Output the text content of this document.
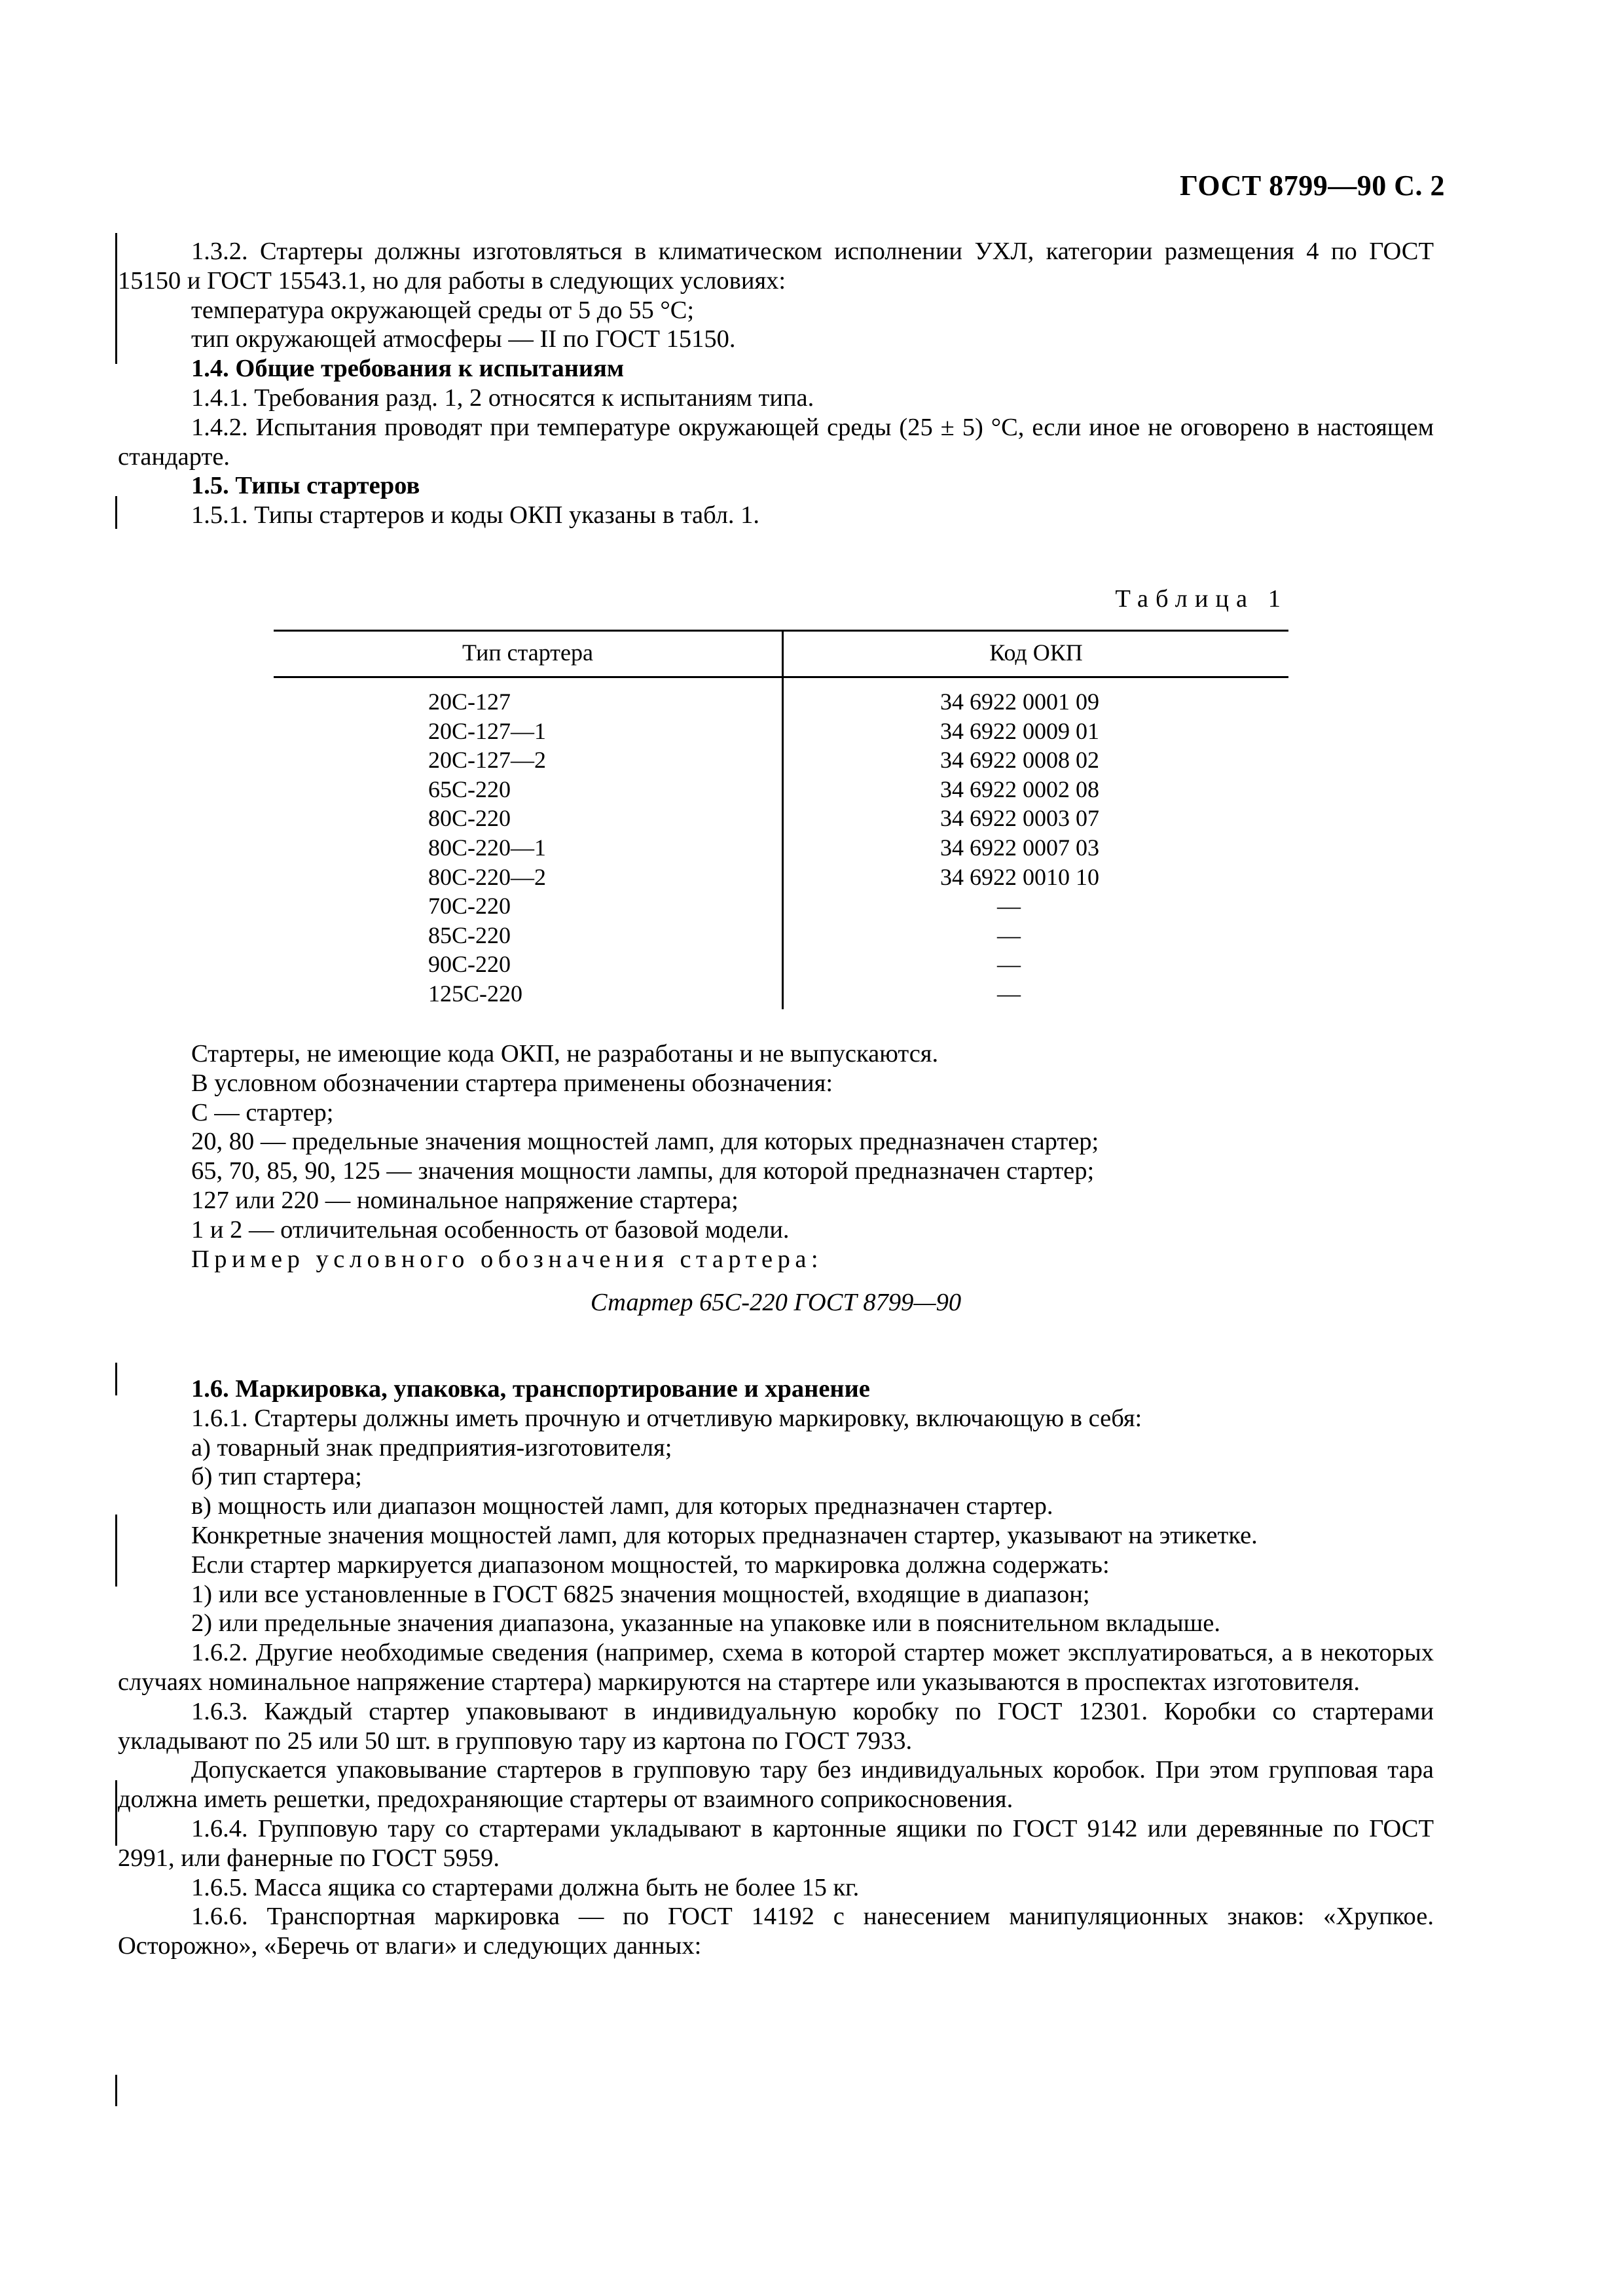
ГОСТ 8799—90 С. 2

1.3.2. Стартеры должны изготовляться в климатическом исполнении УХЛ, категории размещения 4 по ГОСТ 15150 и ГОСТ 15543.1, но для работы в следующих условиях:

температура окружающей среды от 5 до 55 °С;

тип окружающей атмосферы — II по ГОСТ 15150.

1.4. Общие требования к испытаниям

1.4.1. Требования разд. 1, 2 относятся к испытаниям типа.

1.4.2. Испытания проводят при температуре окружающей среды (25 ± 5) °С, если иное не оговорено в настоящем стандарте.

1.5. Типы стартеров

1.5.1. Типы стартеров и коды ОКП указаны в табл. 1.

Таблица 1
Тип стартера	Код ОКП
20С-127
20С-127—1
20С-127—2
65С-220
80С-220
80С-220—1
80С-220—2
70С-220
85С-220
90С-220
125С-220
34 6922 0001 09
34 6922 0009 01
34 6922 0008 02
34 6922 0002 08
34 6922 0003 07
34 6922 0007 03
34 6922 0010 10
—
—
—
—

Стартеры, не имеющие кода ОКП, не разработаны и не выпускаются.

В условном обозначении стартера применены обозначения:

С — стартер;

20, 80 — предельные значения мощностей ламп, для которых предназначен стартер;

65, 70, 85, 90, 125 — значения мощности лампы, для которой предназначен стартер;

127 или 220 — номинальное напряжение стартера;

1 и 2 — отличительная особенность от базовой модели.

Пример условного обозначения стартера:

Стартер 65С-220 ГОСТ 8799—90

1.6. Маркировка, упаковка, транспортирование и хранение

1.6.1. Стартеры должны иметь прочную и отчетливую маркировку, включающую в себя:

а) товарный знак предприятия-изготовителя;

б) тип стартера;

в) мощность или диапазон мощностей ламп, для которых предназначен стартер.

Конкретные значения мощностей ламп, для которых предназначен стартер, указывают на этикетке.

Если стартер маркируется диапазоном мощностей, то маркировка должна содержать:

1) или все установленные в ГОСТ 6825 значения мощностей, входящие в диапазон;

2) или предельные значения диапазона, указанные на упаковке или в пояснительном вкладыше.

1.6.2. Другие необходимые сведения (например, схема в которой стартер может эксплуатироваться, а в некоторых случаях номинальное напряжение стартера) маркируются на стартере или указываются в проспектах изготовителя.

1.6.3. Каждый стартер упаковывают в индивидуальную коробку по ГОСТ 12301. Коробки со стартерами укладывают по 25 или 50 шт. в групповую тару из картона по ГОСТ 7933.

Допускается упаковывание стартеров в групповую тару без индивидуальных коробок. При этом групповая тара должна иметь решетки, предохраняющие стартеры от взаимного соприкосновения.

1.6.4. Групповую тару со стартерами укладывают в картонные ящики по ГОСТ 9142 или деревянные по ГОСТ 2991, или фанерные по ГОСТ 5959.

1.6.5. Масса ящика со стартерами должна быть не более 15 кг.

1.6.6. Транспортная маркировка — по ГОСТ 14192 с нанесением манипуляционных знаков: «Хрупкое. Осторожно», «Беречь от влаги» и следующих данных:
